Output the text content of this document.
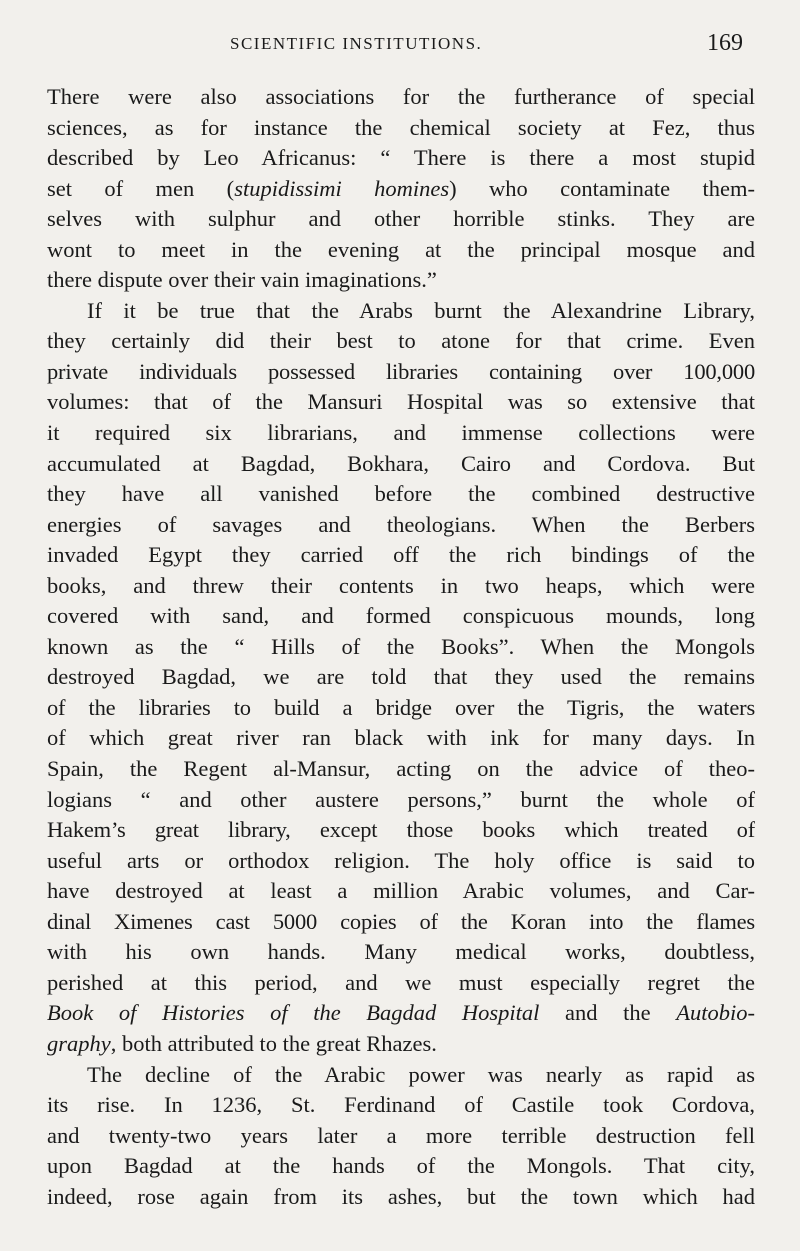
SCIENTIFIC INSTITUTIONS.	169
There were also associations for the furtherance of special
sciences, as for instance the chemical society at Fez, thus
described by Leo Africanus: “ There is there a most stupid
set of men (stupidissimi homines) who contaminate them-
selves with sulphur and other horrible stinks. They are
wont to meet in the evening at the principal mosque and
there dispute over their vain imaginations.”
If it be true that the Arabs burnt the Alexandrine Library,
they certainly did their best to atone for that crime. Even
private individuals possessed libraries containing over 100,000
volumes: that of the Mansuri Hospital was so extensive that
it required six librarians, and immense collections were
accumulated at Bagdad, Bokhara, Cairo and Cordova. But
they have all vanished before the combined destructive
energies of savages and theologians. When the Berbers
invaded Egypt they carried off the rich bindings of the
books, and threw their contents in two heaps, which were
covered with sand, and formed conspicuous mounds, long
known as the “ Hills of the Books”. When the Mongols
destroyed Bagdad, we are told that they used the remains
of the libraries to build a bridge over the Tigris, the waters
of which great river ran black with ink for many days. In
Spain, the Regent al-Mansur, acting on the advice of theo-
logians “ and other austere persons,” burnt the whole of
Hakem’s great library, except those books which treated of
useful arts or orthodox religion. The holy office is said to
have destroyed at least a million Arabic volumes, and Car-
dinal Ximenes cast 5000 copies of the Koran into the flames
with his own hands. Many medical works, doubtless,
perished at this period, and we must especially regret the
Book of Histories of the Bagdad Hospital and the Autobio-
graphy, both attributed to the great Rhazes.
The decline of the Arabic power was nearly as rapid as
its rise. In 1236, St. Ferdinand of Castile took Cordova,
and twenty-two years later a more terrible destruction fell
upon Bagdad at the hands of the Mongols. That city,
indeed, rose again from its ashes, but the town which had
